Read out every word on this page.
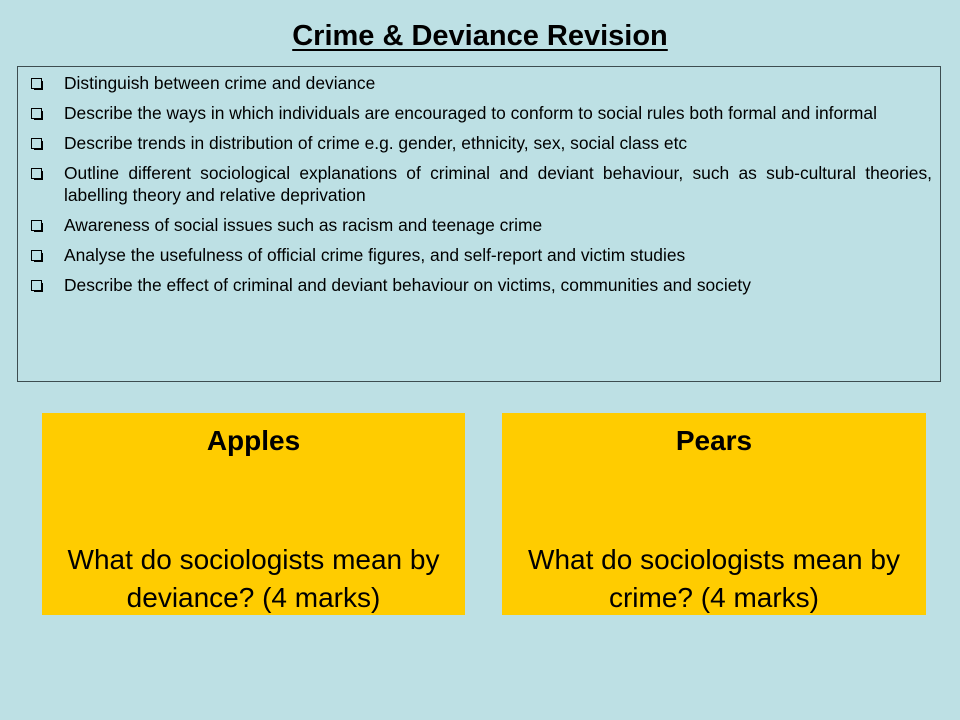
Crime & Deviance Revision
Distinguish between crime and deviance
Describe the ways in which individuals are encouraged to conform to social rules both formal and informal
Describe trends in distribution of crime e.g. gender, ethnicity, sex, social class etc
Outline different sociological explanations of criminal and deviant behaviour, such as sub-cultural theories, labelling theory and relative deprivation
Awareness of social issues such as racism and teenage crime
Analyse the usefulness of official crime figures, and self-report and victim studies
Describe the effect of criminal and deviant behaviour on victims, communities and society
Apples
What do sociologists mean by deviance? (4 marks)
Pears
What do sociologists mean by crime? (4 marks)
